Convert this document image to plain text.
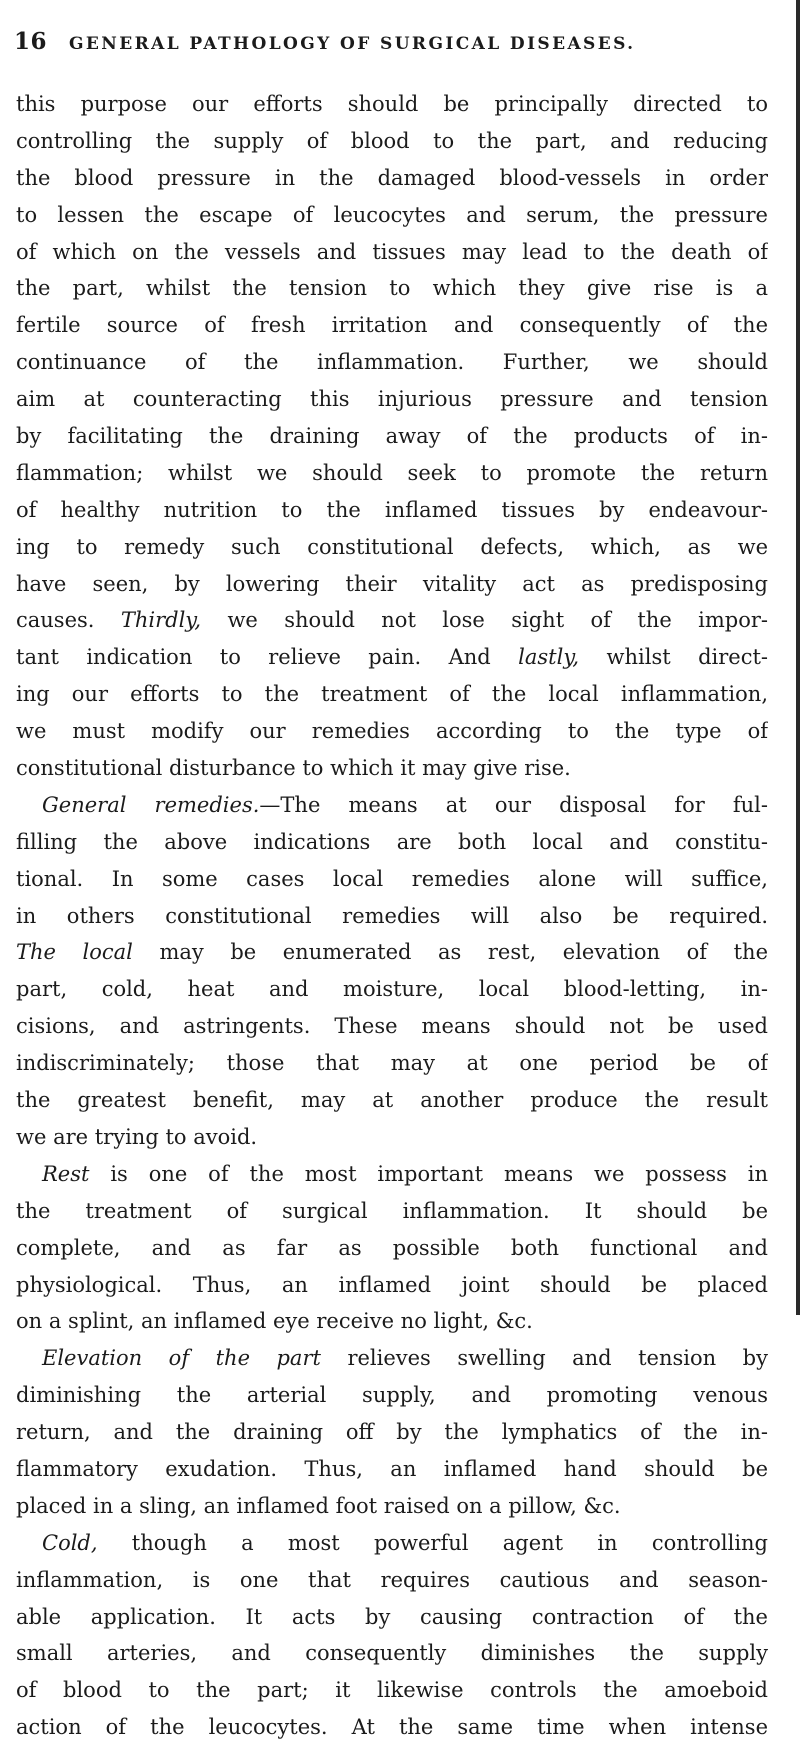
16 GENERAL PATHOLOGY OF SURGICAL DISEASES.
this purpose our efforts should be principally directed to
controlling the supply of blood to the part, and reducing
the blood pressure in the damaged blood-vessels in order
to lessen the escape of leucocytes and serum, the pressure
of which on the vessels and tissues may lead to the death of
the part, whilst the tension to which they give rise is a
fertile source of fresh irritation and consequently of the
continuance of the inflammation. Further, we should
aim at counteracting this injurious pressure and tension
by facilitating the draining away of the products of in-
flammation; whilst we should seek to promote the return
of healthy nutrition to the inflamed tissues by endeavour-
ing to remedy such constitutional defects, which, as we
have seen, by lowering their vitality act as predisposing
causes. Thirdly, we should not lose sight of the impor-
tant indication to relieve pain. And lastly, whilst direct-
ing our efforts to the treatment of the local inflammation,
we must modify our remedies according to the type of
constitutional disturbance to which it may give rise.
General remedies.—The means at our disposal for ful-
filling the above indications are both local and constitu-
tional. In some cases local remedies alone will suffice,
in others constitutional remedies will also be required.
The local may be enumerated as rest, elevation of the
part, cold, heat and moisture, local blood-letting, in-
cisions, and astringents. These means should not be used
indiscriminately; those that may at one period be of
the greatest benefit, may at another produce the result
we are trying to avoid.
Rest is one of the most important means we possess in
the treatment of surgical inflammation. It should be
complete, and as far as possible both functional and
physiological. Thus, an inflamed joint should be placed
on a splint, an inflamed eye receive no light, &c.
Elevation of the part relieves swelling and tension by
diminishing the arterial supply, and promoting venous
return, and the draining off by the lymphatics of the in-
flammatory exudation. Thus, an inflamed hand should be
placed in a sling, an inflamed foot raised on a pillow, &c.
Cold, though a most powerful agent in controlling
inflammation, is one that requires cautious and season-
able application. It acts by causing contraction of the
small arteries, and consequently diminishes the supply
of blood to the part; it likewise controls the amoeboid
action of the leucocytes. At the same time when intense
